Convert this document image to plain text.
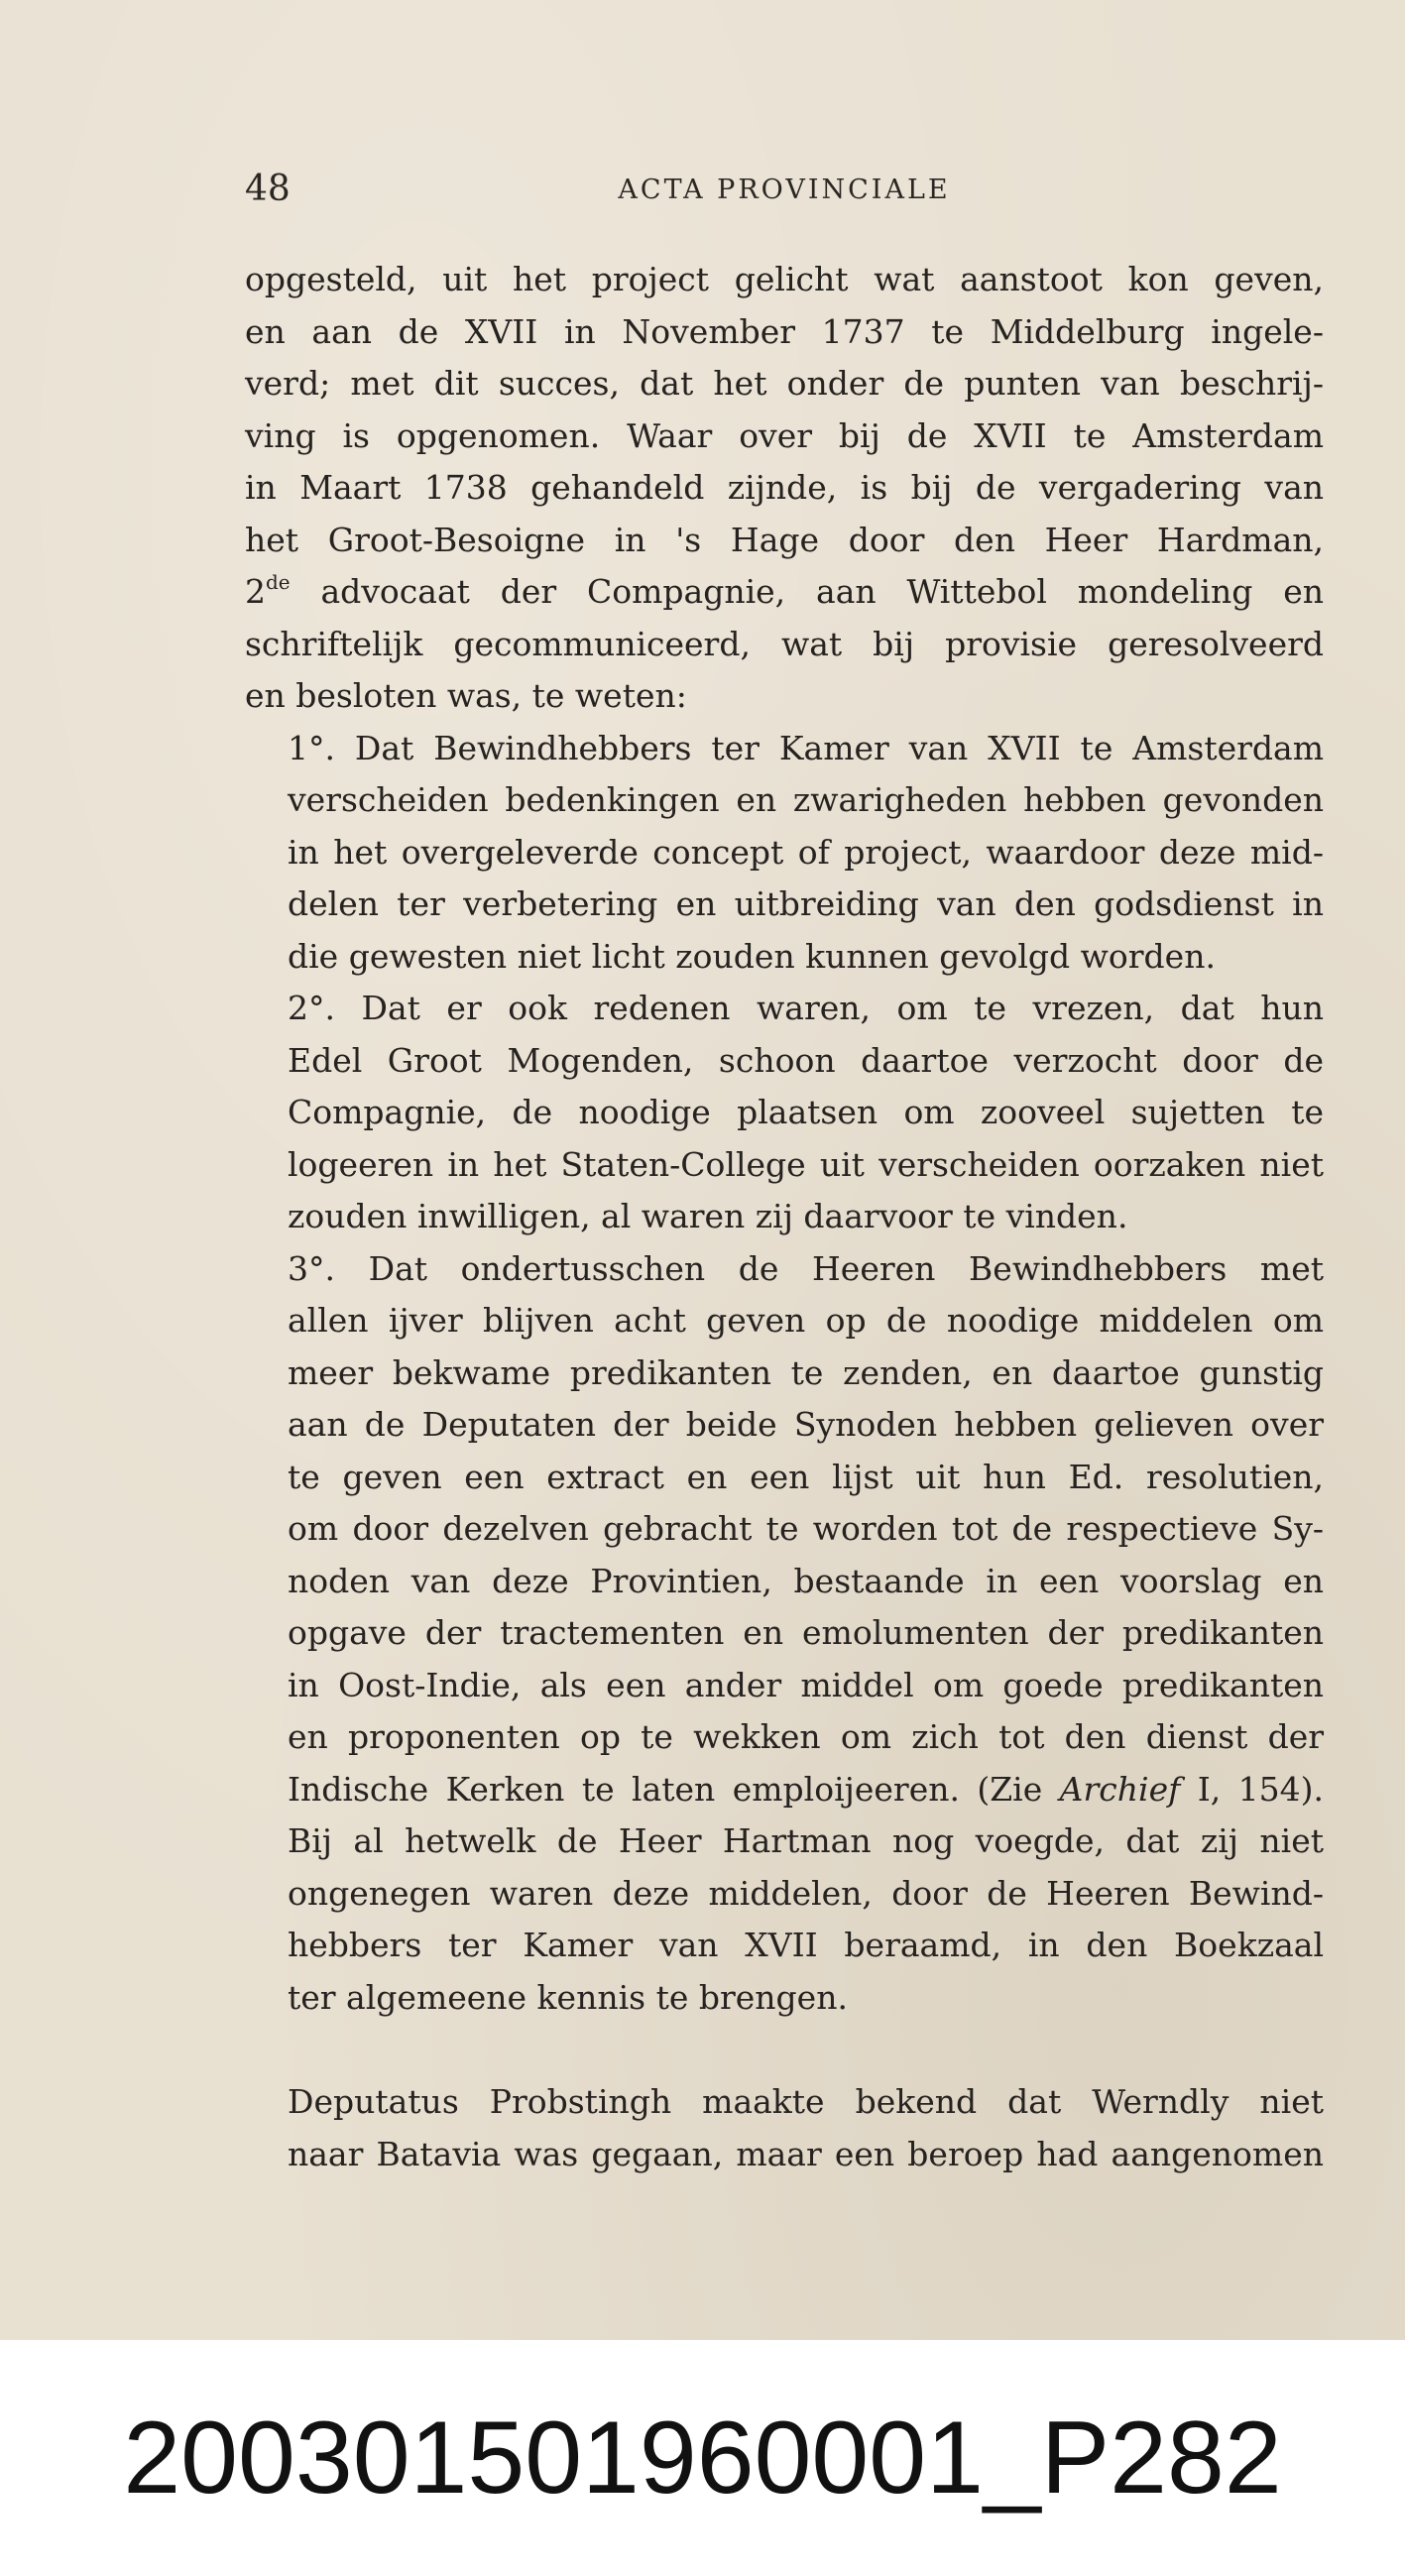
48	ACTA PROVINCIALE

opgesteld, uit het project gelicht wat aanstoot kon geven,
en aan de XVII in November 1737 te Middelburg ingele-
verd; met dit succes, dat het onder de punten van beschrij-
ving is opgenomen. Waar over bij de XVII te Amsterdam
in Maart 1738 gehandeld zijnde, is bij de vergadering van
het Groot-Besoigne in 's Hage door den Heer Hardman,
2de advocaat der Compagnie, aan Wittebol mondeling en
schriftelijk gecommuniceerd, wat bij provisie geresolveerd
en besloten was, te weten:

1°. Dat Bewindhebbers ter Kamer van XVII te Amsterdam
verscheiden bedenkingen en zwarigheden hebben gevonden
in het overgeleverde concept of project, waardoor deze mid-
delen ter verbetering en uitbreiding van den godsdienst in
die gewesten niet licht zouden kunnen gevolgd worden.

2°. Dat er ook redenen waren, om te vrezen, dat hun
Edel Groot Mogenden, schoon daartoe verzocht door de
Compagnie, de noodige plaatsen om zooveel sujetten te
logeeren in het Staten-College uit verscheiden oorzaken niet
zouden inwilligen, al waren zij daarvoor te vinden.

3°. Dat ondertusschen de Heeren Bewindhebbers met
allen ijver blijven acht geven op de noodige middelen om
meer bekwame predikanten te zenden, en daartoe gunstig
aan de Deputaten der beide Synoden hebben gelieven over
te geven een extract en een lijst uit hun Ed. resolutien,
om door dezelven gebracht te worden tot de respectieve Sy-
noden van deze Provintien, bestaande in een voorslag en
opgave der tractementen en emolumenten der predikanten
in Oost-Indie, als een ander middel om goede predikanten
en proponenten op te wekken om zich tot den dienst der
Indische Kerken te laten emploijeeren. (Zie Archief I, 154).

Bij al hetwelk de Heer Hartman nog voegde, dat zij niet
ongenegen waren deze middelen, door de Heeren Bewind-
hebbers ter Kamer van XVII beraamd, in den Boekzaal
ter algemeene kennis te brengen.

Deputatus Probstingh maakte bekend dat Werndly niet
naar Batavia was gegaan, maar een beroep had aangenomen

20030150196000​1_P282
